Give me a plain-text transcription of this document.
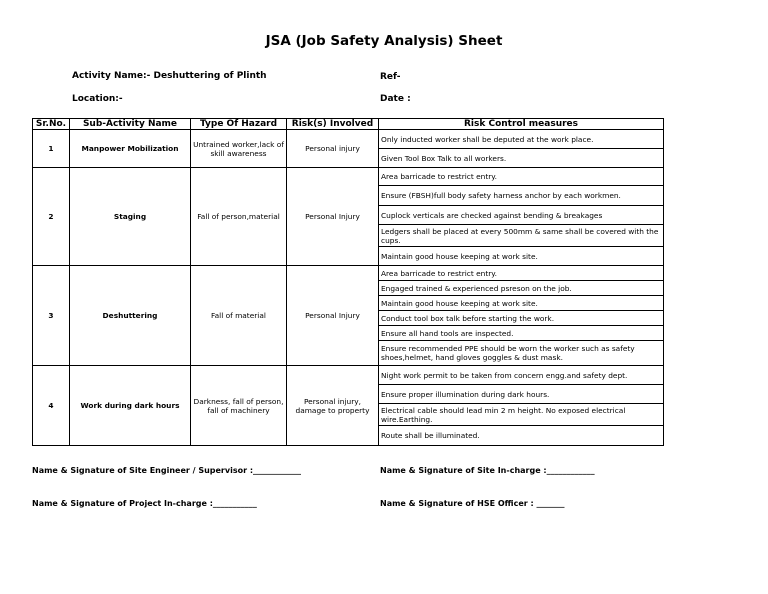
JSA (Job Safety Analysis) Sheet
Activity Name:- Deshuttering of Plinth	Ref-
Location:-	Date :
Sr.No.	Sub-Activity Name	Type Of Hazard	Risk(s) Involved	Risk Control measures
1	Manpower Mobilization	Untrained worker,lack of skill awareness	Personal injury	Only inducted worker shall be deputed at the work place.
				Given Tool Box Talk to all workers.
2	Staging	Fall of person,material	Personal Injury	Area barricade to restrict entry.
				Ensure (FBSH)full body safety harness anchor by each workmen.
				Cuplock verticals are checked against bending & breakages
				Ledgers shall be placed at every 500mm & same shall be covered with the cups.
				Maintain good house keeping at work site.
3	Deshuttering	Fall of material	Personal Injury	Area barricade to restrict entry.
				Engaged trained & experienced psreson on the job.
				Maintain good house keeping at work site.
				Conduct tool box talk before starting the work.
				Ensure all hand tools are inspected.
				Ensure recommended PPE should be worn the worker such as safety shoes,helmet, hand gloves goggles & dust mask.
4	Work during dark hours	Darkness, fall of person, fall of machinery	Personal injury, damage to property	Night work permit to be taken from concern engg.and safety dept.
				Ensure proper illumination during dark hours.
				Electrical cable should lead min 2 m height. No exposed electrical wire.Earthing.
				Route shall be illuminated.
Name & Signature of Site Engineer / Supervisor :____________	Name & Signature of Site In-charge :____________
Name & Signature of Project In-charge :___________	Name & Signature of HSE Officer : _______
